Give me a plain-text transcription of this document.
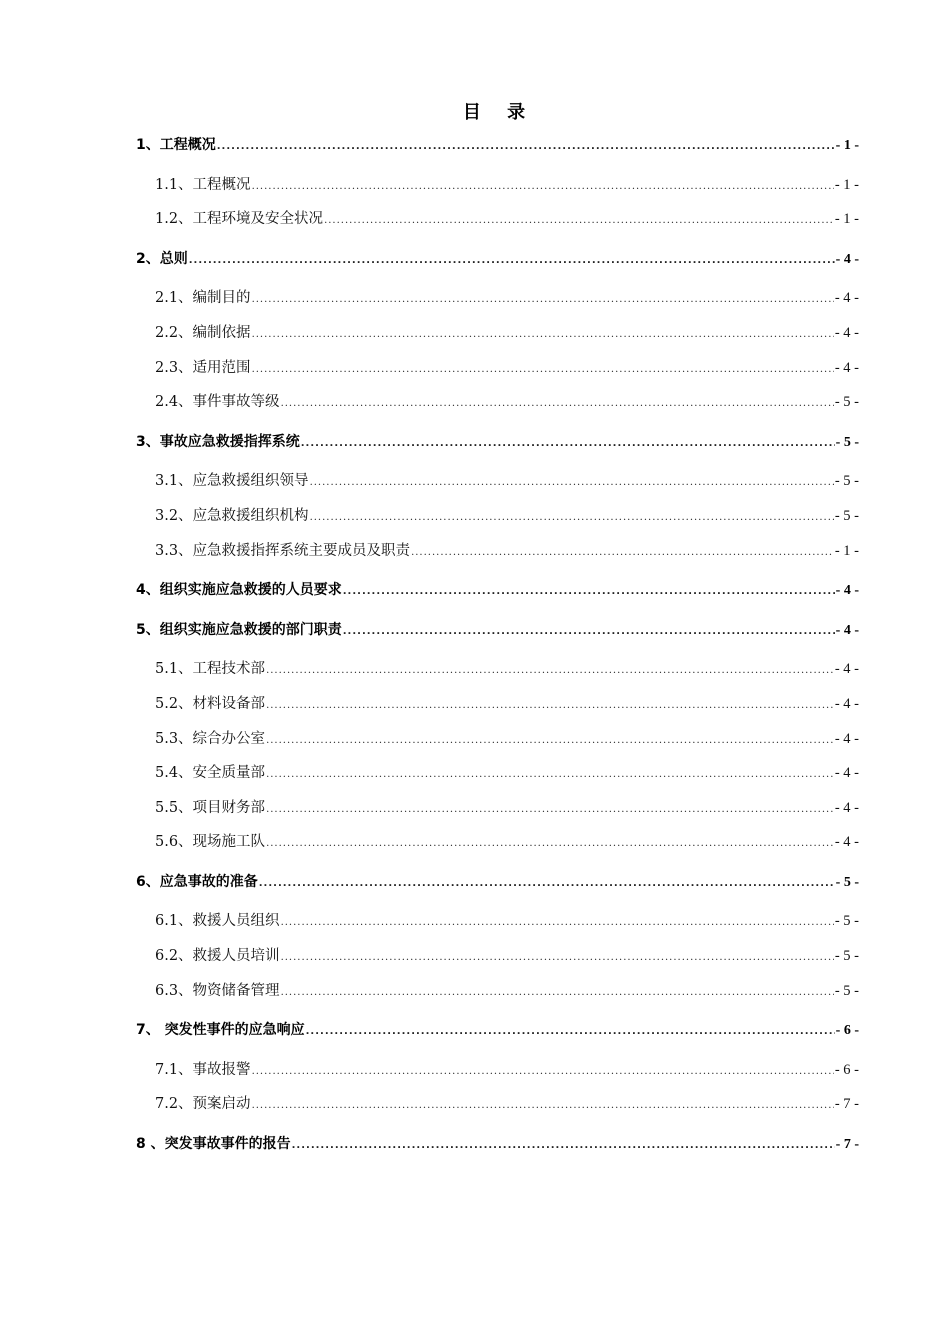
目 录
1、工程概况 .....	- 1 -
1.1、工程概况 .....	- 1 -
1.2、工程环境及安全状况 .....	- 1 -
2、总则 .....	- 4 -
2.1、编制目的 .....	- 4 -
2.2、编制依据 .....	- 4 -
2.3、适用范围 .....	- 4 -
2.4、事件事故等级 .....	- 5 -
3、事故应急救援指挥系统 .....	- 5 -
3.1、应急救援组织领导 .....	- 5 -
3.2、应急救援组织机构 .....	- 5 -
3.3、应急救援指挥系统主要成员及职责 .....	- 1 -
4、组织实施应急救援的人员要求 .....	- 4 -
5、组织实施应急救援的部门职责 .....	- 4 -
5.1、工程技术部 .....	- 4 -
5.2、材料设备部 .....	- 4 -
5.3、综合办公室 .....	- 4 -
5.4、安全质量部 .....	- 4 -
5.5、项目财务部 .....	- 4 -
5.6、现场施工队 .....	- 4 -
6、应急事故的准备 .....	- 5 -
6.1、救援人员组织 .....	- 5 -
6.2、救援人员培训 .....	- 5 -
6.3、物资储备管理 .....	- 5 -
7、 突发性事件的应急响应 .....	- 6 -
7.1、事故报警 .....	- 6 -
7.2、预案启动 .....	- 7 -
8 、突发事故事件的报告 .....	- 7 -
